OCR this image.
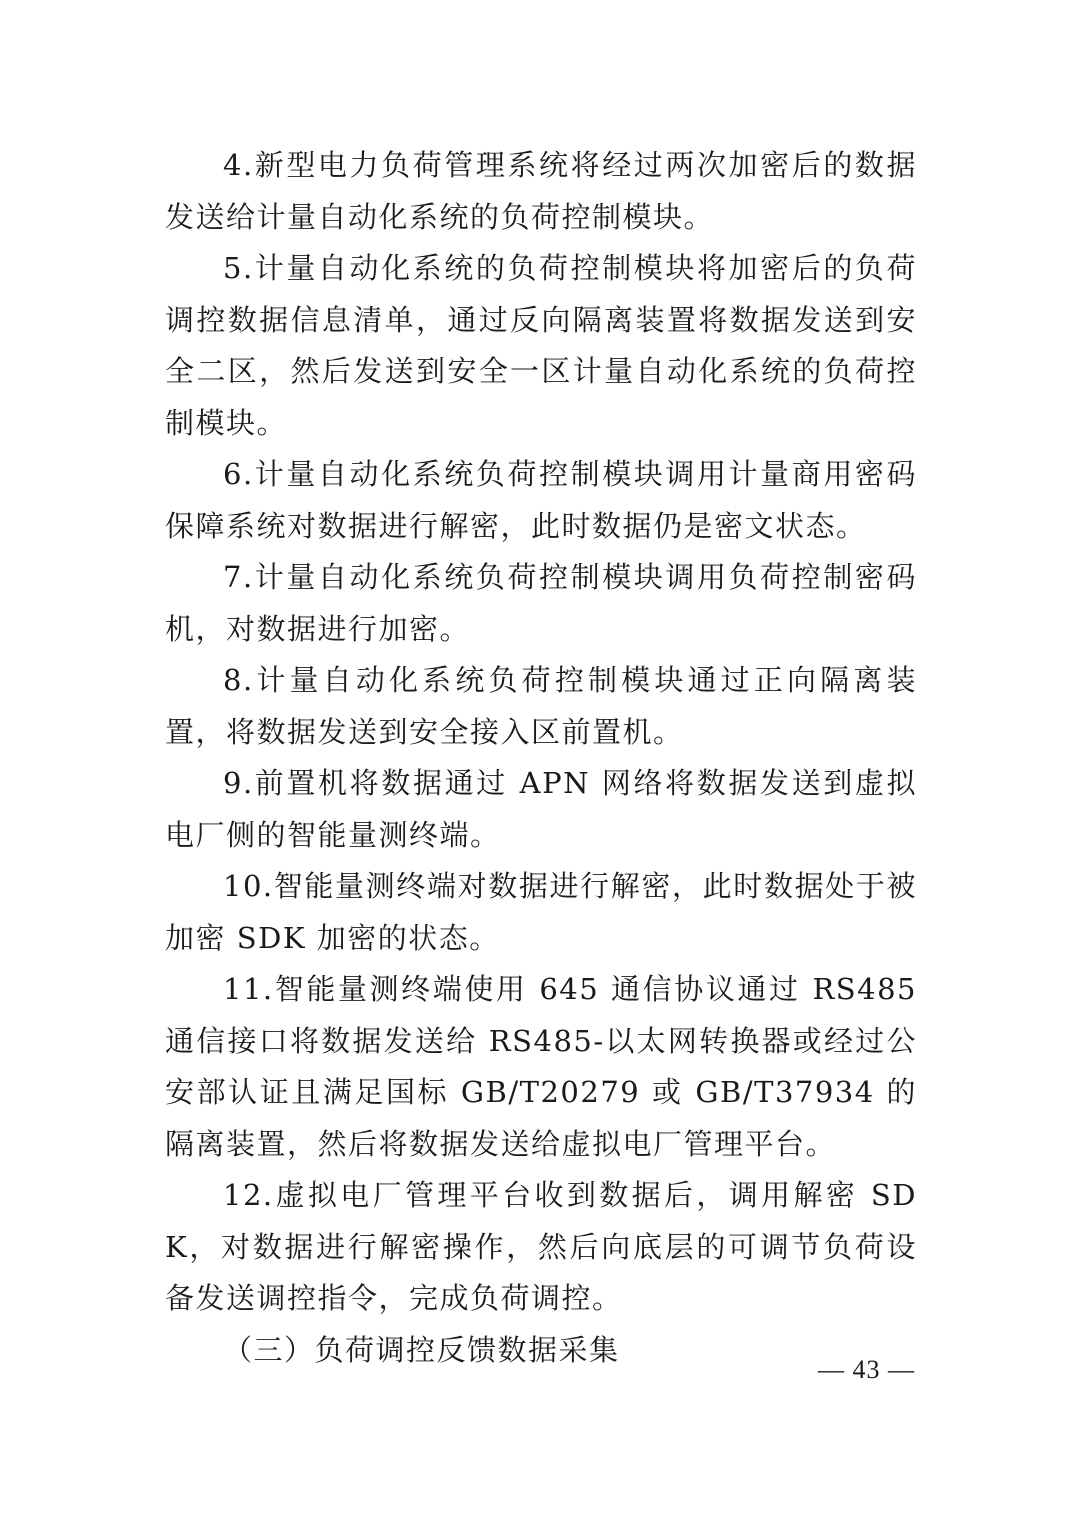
4.新型电力负荷管理系统将经过两次加密后的数据发送给计量自动化系统的负荷控制模块。

5.计量自动化系统的负荷控制模块将加密后的负荷调控数据信息清单，通过反向隔离装置将数据发送到安全二区，然后发送到安全一区计量自动化系统的负荷控制模块。

6.计量自动化系统负荷控制模块调用计量商用密码保障系统对数据进行解密，此时数据仍是密文状态。

7.计量自动化系统负荷控制模块调用负荷控制密码机，对数据进行加密。

8.计量自动化系统负荷控制模块通过正向隔离装置，将数据发送到安全接入区前置机。

9.前置机将数据通过 APN 网络将数据发送到虚拟电厂侧的智能量测终端。

10.智能量测终端对数据进行解密，此时数据处于被加密 SDK 加密的状态。

11.智能量测终端使用 645 通信协议通过 RS485 通信接口将数据发送给 RS485-以太网转换器或经过公安部认证且满足国标 GB/T20279 或 GB/T37934 的隔离装置，然后将数据发送给虚拟电厂管理平台。

12.虚拟电厂管理平台收到数据后，调用解密 SDK，对数据进行解密操作，然后向底层的可调节负荷设备发送调控指令，完成负荷调控。

（三）负荷调控反馈数据采集

— 43 —
